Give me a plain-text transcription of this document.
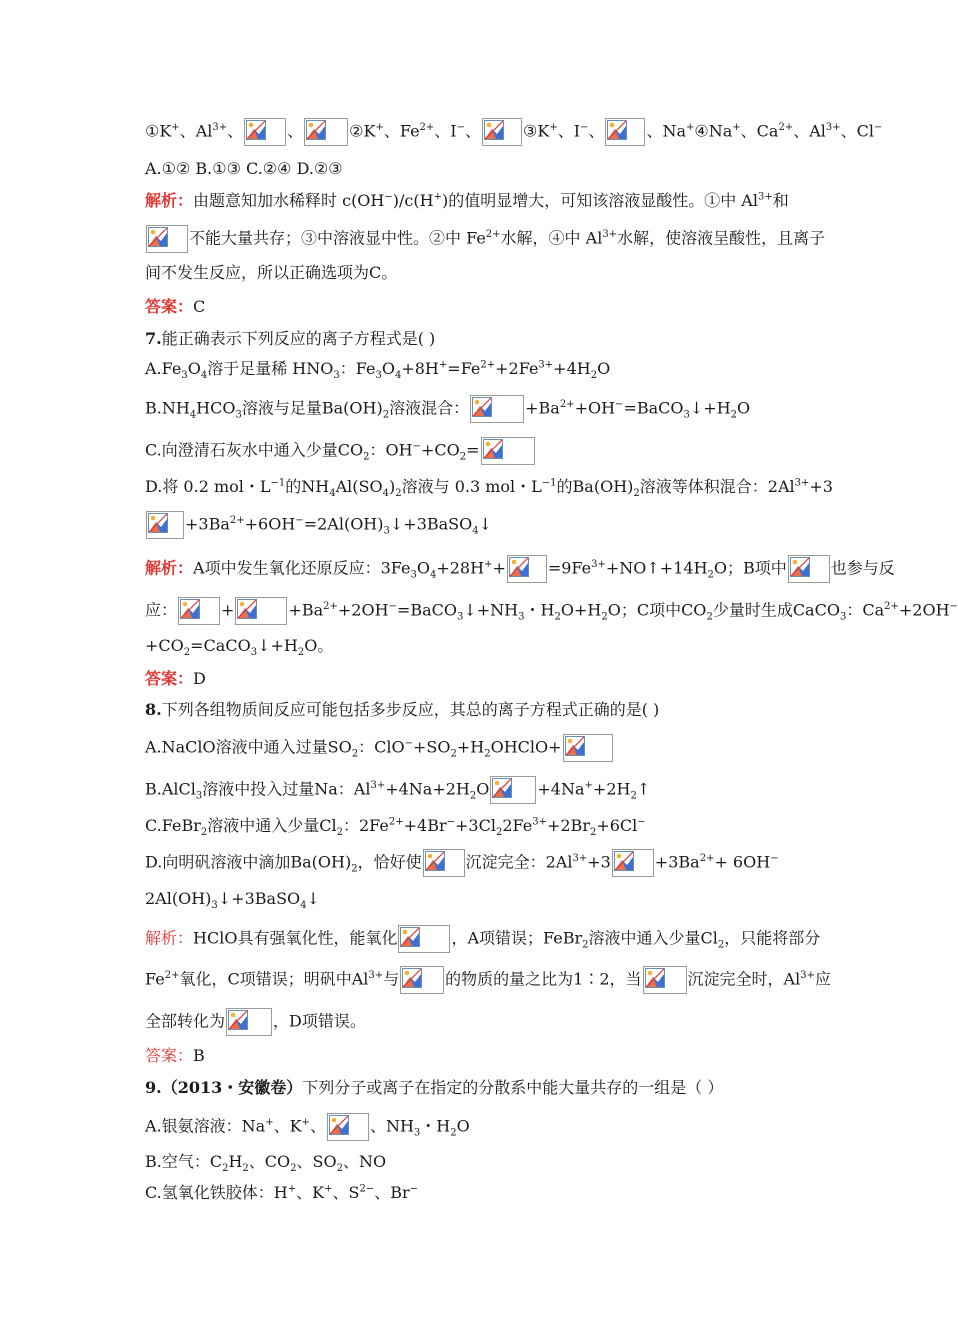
①K+、$Al^{3+}$、	、	②K+、$Fe^{2+}$、I−、	③K+、I−、	、Na+④Na+、$Ca^{2+}$、$Al^{3+}$、Cl−
A.①② B.①③ C.②④ D.②③
解析：由题意知加水稀释时 c(OH−)/c(H+)的值明显增大，可知该溶液显酸性。①中 $Al^{3+}$和
不能大量共存；③中溶液显中性。②中 $Fe^{2+}$水解，④中 $Al^{3+}$水解，使溶液呈酸性，且离子
间不发生反应，所以正确选项为C。
答案：C
7.能正确表示下列反应的离子方程式是( )
$A.Fe_3O_4$溶于足量稀 $HNO_3$：$Fe_3O_4+8H^+=Fe^{2+}+2Fe^{3+}+4H_2O$
$B.NH_4HCO_3$溶液与足量$Ba(OH)_2$溶液混合：	$+Ba^{2+}+OH^-=BaCO_3↓+H_2O$
C.向澄清石灰水中通入少量$CO_2$：$OH^-+CO_2=$
D.将 0.2 mol・$L^{-1}$的$NH_4Al(SO_4)_2$溶液与 0.3 mol・$L^{-1}$的$Ba(OH)_2$溶液等体积混合：$2Al^{3+}+3$
$+3Ba^{2+}+6OH^-=2Al(OH)_3↓+3BaSO_4↓$
解析：A项中发生氧化还原反应：$3Fe_3O_4+28H^++$	$=9Fe^{3+}+NO↑+14H_2O$；B项中	也参与反
应：	+	$+Ba^{2+}+2OH^-=BaCO_3↓+NH_3$・$H_2O+H_2O$；C项中$CO_2$少量时生成CaCO$_3$：$Ca^{2+}+2OH^-$
$+CO_2=CaCO_3↓+H_2O$。
答案：D
8.下列各组物质间反应可能包括多步反应，其总的离子方程式正确的是( )
A.NaClO溶液中通入过量$SO_2$：$ClO^-+SO_2+H_2OHClO+$
B.AlCl$_3$溶液中投入过量Na：$Al^{3+}+4Na+2H_2O$	$+4Na^++2H_2↑$
C.FeBr$_2$溶液中通入少量$Cl_2$：$2Fe^{2+}+4Br^-+3Cl_22Fe^{3+}+2Br_2+6Cl^-$
D.向明矾溶液中滴加$Ba(OH)_2$，恰好使	沉淀完全：$2Al^{3+}+3$	$+3Ba^{2+}+ 6OH^-$
$2Al(OH)_3↓+3BaSO_4↓$
解析：HClO具有强氧化性，能氧化	，A项错误；FeBr$_2$溶液中通入少量$Cl_2$，只能将部分
$Fe^{2+}$氧化，C项错误；明矾中$Al^{3+}$与	的物质的量之比为1∶2，当	沉淀完全时，$Al^{3+}$应
全部转化为	，D项错误。
答案：B
9.（2013・安徽卷）下列分子或离子在指定的分散系中能大量共存的一组是（ ）
A.银氨溶液：Na+、K+、	、$NH_3$・$H_2O$
B.空气：$C_2H_2$、$CO_2$、$SO_2$、NO
C.氢氧化铁胶体：H+、K+、$S^{2-}$、Br−
